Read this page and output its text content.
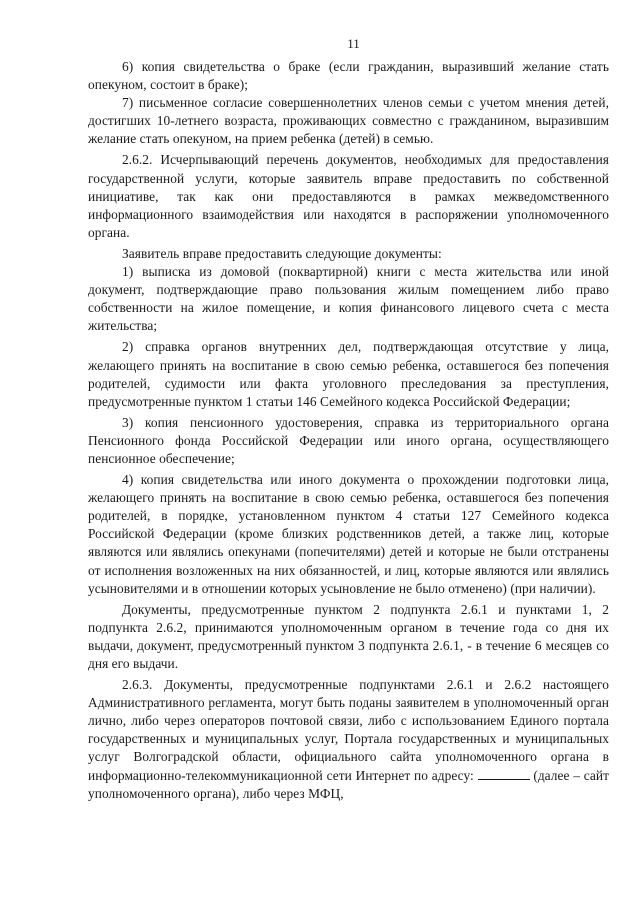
11

6) копия свидетельства о браке (если гражданин, выразивший желание стать опекуном, состоит в браке);

7) письменное согласие совершеннолетних членов семьи с учетом мнения детей, достигших 10-летнего возраста, проживающих совместно с гражданином, выразившим желание стать опекуном, на прием ребенка (детей) в семью.

2.6.2. Исчерпывающий перечень документов, необходимых для предоставления государственной услуги, которые заявитель вправе предоставить по собственной инициативе, так как они предоставляются в рамках межведомственного информационного взаимодействия или находятся в распоряжении уполномоченного органа.

Заявитель вправе предоставить следующие документы:

1) выписка из домовой (поквартирной) книги с места жительства или иной документ, подтверждающие право пользования жилым помещением либо право собственности на жилое помещение, и копия финансового лицевого счета с места жительства;

2) справка органов внутренних дел, подтверждающая отсутствие у лица, желающего принять на воспитание в свою семью ребенка, оставшегося без попечения родителей, судимости или факта уголовного преследования за преступления, предусмотренные пунктом 1 статьи 146 Семейного кодекса Российской Федерации;

3) копия пенсионного удостоверения, справка из территориального органа Пенсионного фонда Российской Федерации или иного органа, осуществляющего пенсионное обеспечение;

4) копия свидетельства или иного документа о прохождении подготовки лица, желающего принять на воспитание в свою семью ребенка, оставшегося без попечения родителей, в порядке, установленном пунктом 4 статьи 127 Семейного кодекса Российской Федерации (кроме близких родственников детей, а также лиц, которые являются или являлись опекунами (попечителями) детей и которые не были отстранены от исполнения возложенных на них обязанностей, и лиц, которые являются или являлись усыновителями и в отношении которых усыновление не было отменено) (при наличии).

Документы, предусмотренные пунктом 2 подпункта 2.6.1 и пунктами 1, 2 подпункта 2.6.2, принимаются уполномоченным органом в течение года со дня их выдачи, документ, предусмотренный пунктом 3 подпункта 2.6.1, - в течение 6 месяцев со дня его выдачи.

2.6.3. Документы, предусмотренные подпунктами 2.6.1 и 2.6.2 настоящего Административного регламента, могут быть поданы заявителем в уполномоченный орган лично, либо через операторов почтовой связи, либо с использованием Единого портала государственных и муниципальных услуг, Портала государственных и муниципальных услуг Волгоградской области, официального сайта уполномоченного органа в информационно-телекоммуникационной сети Интернет по адресу:	(далее – сайт уполномоченного органа), либо через МФЦ,
